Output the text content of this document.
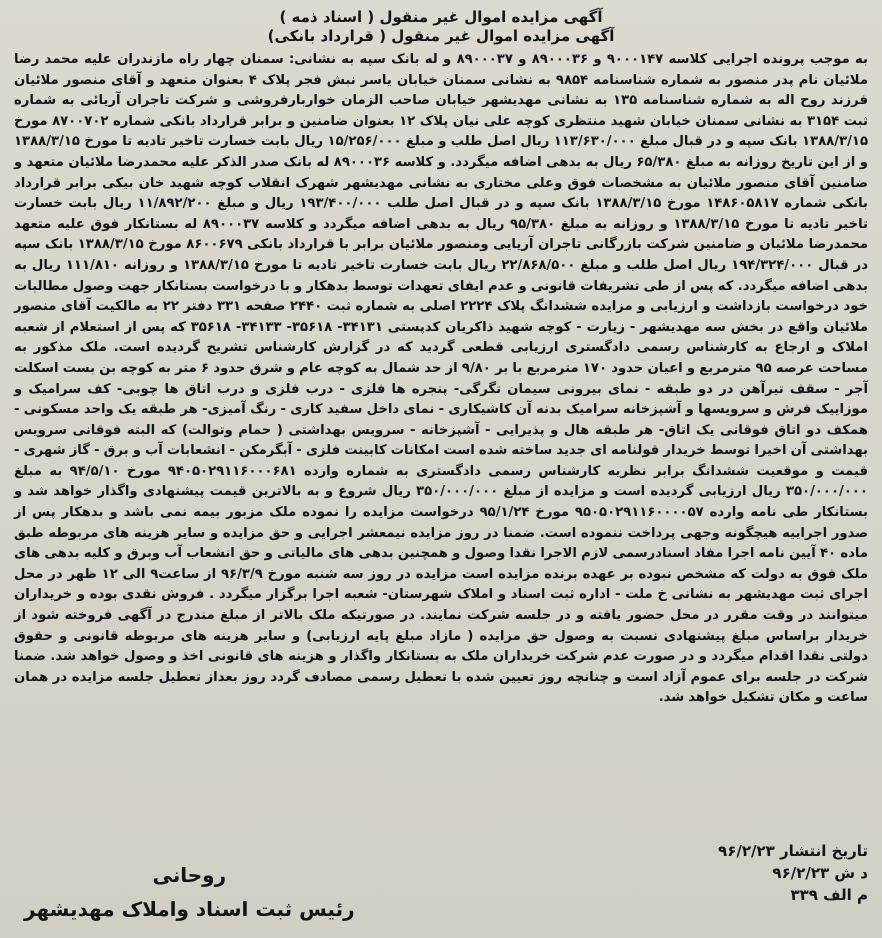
آگهی مزایده اموال غیر منقول ( اسناد ذمه )
آگهی مزایده اموال غیر منقول ( قرارداد بانکی)

به موجب پرونده اجرایی کلاسه ۹۰۰۰۱۴۷ و ۸۹۰۰۰۳۶ و ۸۹۰۰۰۳۷ و له بانک سپه به نشانی: سمنان چهار راه مازندران علیه محمد رضا ملائیان نام پدر منصور به شماره شناسنامه ۹۸۵۴ به نشانی سمنان خیابان یاسر نبش فجر پلاک ۴ بعنوان متعهد و آقای منصور ملائیان فرزند روح اله به شماره شناسنامه ۱۳۵ به نشانی مهدیشهر خیابان صاحب الزمان خواربارفروشی و شرکت تاجران آریائی به شماره ثبت ۳۱۵۴ به نشانی سمنان خیابان شهید منتظری کوچه علی نیان پلاک ۱۲ بعنوان ضامنین و برابر قرارداد بانکی شماره ۸۷۰۰۷۰۲ مورخ ۱۳۸۸/۳/۱۵ بانک سپه و در قبال مبلغ ۱۱۳/۶۳۰/۰۰۰ ریال اصل طلب و مبلغ ۱۵/۲۵۶/۰۰۰ ریال بابت خسارت تاخیر تادیه تا مورخ ۱۳۸۸/۳/۱۵ و از این تاریخ روزانه به مبلغ ۶۵/۳۸۰ ریال به بدهی اضافه میگردد. و کلاسه ۸۹۰۰۰۳۶ له بانک صدر الذکر علیه محمدرضا ملائیان متعهد و ضامنین آقای منصور ملائیان به مشخصات فوق وعلی مختاری به نشانی مهدیشهر شهرک انقلاب کوچه شهید خان بیکی برابر قرارداد بانکی شماره ۱۴۸۶۰۵۸۱۷ مورخ ۱۳۸۸/۳/۱۵ بانک سپه و در قبال اصل طلب ۱۹۳/۴۰۰/۰۰۰ ریال و مبلغ ۱۱/۸۹۲/۲۰۰ ریال بابت خسارت تاخیر تادیه تا مورخ ۱۳۸۸/۳/۱۵ و روزانه به مبلغ ۹۵/۳۸۰ ریال به بدهی اضافه میگردد و کلاسه ۸۹۰۰۰۳۷ له بستانکار فوق علیه متعهد محمدرضا ملائیان و ضامنین شرکت بازرگانی تاجران آریایی ومنصور ملائیان برابر با قرارداد بانکی ۸۶۰۰۶۷۹ مورخ ۱۳۸۸/۳/۱۵ بانک سپه در قبال ۱۹۴/۳۲۴/۰۰۰ ریال اصل طلب و مبلغ ۲۲/۸۶۸/۵۰۰ ریال بابت خسارت تاخیر تادیه تا مورخ ۱۳۸۸/۳/۱۵ و روزانه ۱۱۱/۸۱۰ ریال به بدهی اضافه میگردد. که پس از طی تشریفات قانونی و عدم ایفای تعهدات توسط بدهکار و با درخواست بستانکار جهت وصول مطالبات خود درخواست بازداشت و ارزیابی و مزایده ششدانگ پلاک ۲۲۲۴ اصلی به شماره ثبت ۲۴۴۰ صفحه ۳۳۱ دفتر ۲۲ به مالکیت آقای منصور ملائیان واقع در بخش سه مهدیشهر - زیارت - کوچه شهید ذاکریان کدپستی ۳۴۱۳۱- ۳۵۶۱۸- ۳۴۱۳۳- ۳۵۶۱۸ که پس از استعلام از شعبه املاک و ارجاع به کارشناس رسمی دادگستری ارزیابی قطعی گردید که در گزارش کارشناس تشریح گردیده است. ملک مذکور به مساحت عرصه ۹۵ مترمربع و اعیان حدود ۱۷۰ مترمربع با بر ۹/۸۰ از حد شمال به کوچه عام و شرق حدود ۶ متر به کوچه بن بست اسکلت آجر - سقف تیرآهن در دو طبقه - نمای بیرونی سیمان تگرگی- پنجره ها فلزی - درب فلزی و درب اتاق ها چوبی- کف سرامیک و موزاییک فرش و سرویسها و آشپزخانه سرامیک بدنه آن کاشیکاری - نمای داخل سفید کاری - رنگ آمیزی- هر طبقه یک واحد مسکونی - همکف دو اتاق فوقانی یک اتاق- هر طبقه هال و پذیرایی - آشپزخانه - سرویس بهداشتی ( حمام وتوالت) که البته فوقانی سرویس بهداشتی آن اخیرا توسط خریدار قولنامه ای جدید ساخته شده است امکانات کابینت فلزی - آبگرمکن - انشعابات آب و برق - گاز شهری - قیمت و موقعیت ششدانگ برابر نظریه کارشناس رسمی دادگستری به شماره وارده ۹۴۰۵۰۲۹۱۱۶۰۰۰۶۸۱ مورخ ۹۴/۵/۱۰ به مبلغ ۳۵۰/۰۰۰/۰۰۰ ریال ارزیابی گردیده است و مزایده از مبلغ ۳۵۰/۰۰۰/۰۰۰ ریال شروع و به بالاترین قیمت پیشنهادی واگذار خواهد شد و بستانکار طی نامه وارده ۹۵۰۵۰۲۹۱۱۶۰۰۰۰۵۷ مورخ ۹۵/۱/۲۴ درخواست مزایده را نموده ملک مزبور بیمه نمی باشد و بدهکار پس از صدور اجراییه هیچگونه وجهی پرداخت ننموده است. ضمنا در روز مزایده نیمعشر اجرایی و حق مزایده و سایر هزینه های مربوطه طبق ماده ۴۰ آیین نامه اجرا مفاد اسنادرسمی لازم الاجرا نقدا وصول و همچنین بدهی های مالیاتی و حق انشعاب آب وبرق و کلیه بدهی های ملک فوق به دولت که مشخص نبوده بر عهده برنده مزایده است مزایده در روز سه شنبه مورخ ۹۶/۳/۹ از ساعت۹ الی ۱۲ ظهر در محل اجرای ثبت مهدیشهر به نشانی خ ملت - اداره ثبت اسناد و املاک شهرستان- شعبه اجرا برگزار میگردد . فروش نقدی بوده و خریداران میتوانند در وقت مقرر در محل حضور یافته و در جلسه شرکت نمایند. در صورتیکه ملک بالاتر از مبلغ مندرج در آگهی فروخته شود از خریدار براساس مبلغ پیشنهادی نسبت به وصول حق مزایده ( مازاد مبلغ پایه ارزیابی) و سایر هزینه های مربوطه قانونی و حقوق دولتی نقدا اقدام میگردد و در صورت عدم شرکت خریداران ملک به بستانکار واگذار و هزینه های قانونی اخذ و وصول خواهد شد. ضمنا شرکت در جلسه برای عموم آزاد است و چنانچه روز تعیین شده با تعطیل رسمی مصادف گردد روز بعداز تعطیل جلسه مزایده در همان ساعت و مکان تشکیل خواهد شد.

تاریخ انتشار ۹۶/۲/۲۳
د ش ۹۶/۲/۲۳
م الف ۳۳۹
روحانی
رئیس ثبت اسناد واملاک مهدیشهر
